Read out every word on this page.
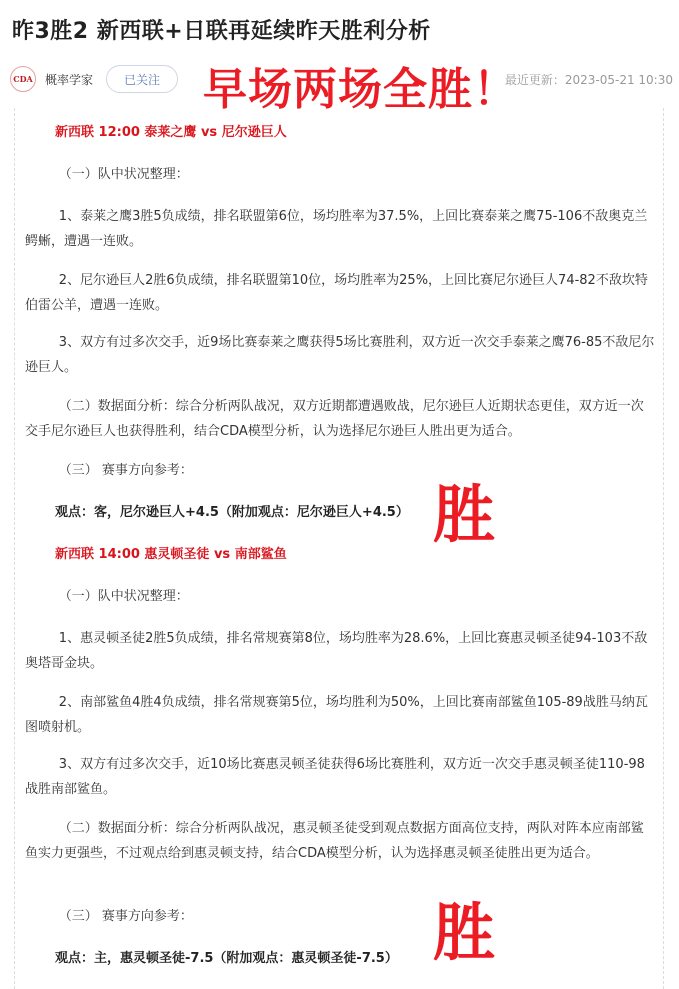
昨3胜2 新西联+日联再延续昨天胜利分析
CDA 概率学家	已关注	最近更新：2023-05-21 10:30
早场两场全胜！
新西联 12:00 泰莱之鹰 vs 尼尔逊巨人
（一）队中状况整理：
1、泰莱之鹰3胜5负成绩，排名联盟第6位，场均胜率为37.5%，上回比赛泰莱之鹰75-106不敌奥克兰鳄蜥，遭遇一连败。
2、尼尔逊巨人2胜6负成绩，排名联盟第10位，场均胜率为25%，上回比赛尼尔逊巨人74-82不敌坎特伯雷公羊，遭遇一连败。
3、双方有过多次交手，近9场比赛泰莱之鹰获得5场比赛胜利，双方近一次交手泰莱之鹰76-85不敌尼尔逊巨人。
（二）数据面分析：综合分析两队战况，双方近期都遭遇败战，尼尔逊巨人近期状态更佳，双方近一次交手尼尔逊巨人也获得胜利，结合CDA模型分析，认为选择尼尔逊巨人胜出更为适合。
（三） 赛事方向参考：
观点：客，尼尔逊巨人+4.5（附加观点：尼尔逊巨人+4.5） 胜
新西联 14:00 惠灵顿圣徒 vs 南部鲨鱼
（一）队中状况整理：
1、惠灵顿圣徒2胜5负成绩，排名常规赛第8位，场均胜率为28.6%，上回比赛惠灵顿圣徒94-103不敌奥塔哥金块。
2、南部鲨鱼4胜4负成绩，排名常规赛第5位，场均胜利为50%，上回比赛南部鲨鱼105-89战胜马纳瓦图喷射机。
3、双方有过多次交手，近10场比赛惠灵顿圣徒获得6场比赛胜利，双方近一次交手惠灵顿圣徒110-98战胜南部鲨鱼。
（二）数据面分析：综合分析两队战况，惠灵顿圣徒受到观点数据方面高位支持，两队对阵本应南部鲨鱼实力更强些，不过观点给到惠灵顿支持，结合CDA模型分析，认为选择惠灵顿圣徒胜出更为适合。
（三） 赛事方向参考：
观点：主，惠灵顿圣徒-7.5（附加观点：惠灵顿圣徒-7.5） 胜
